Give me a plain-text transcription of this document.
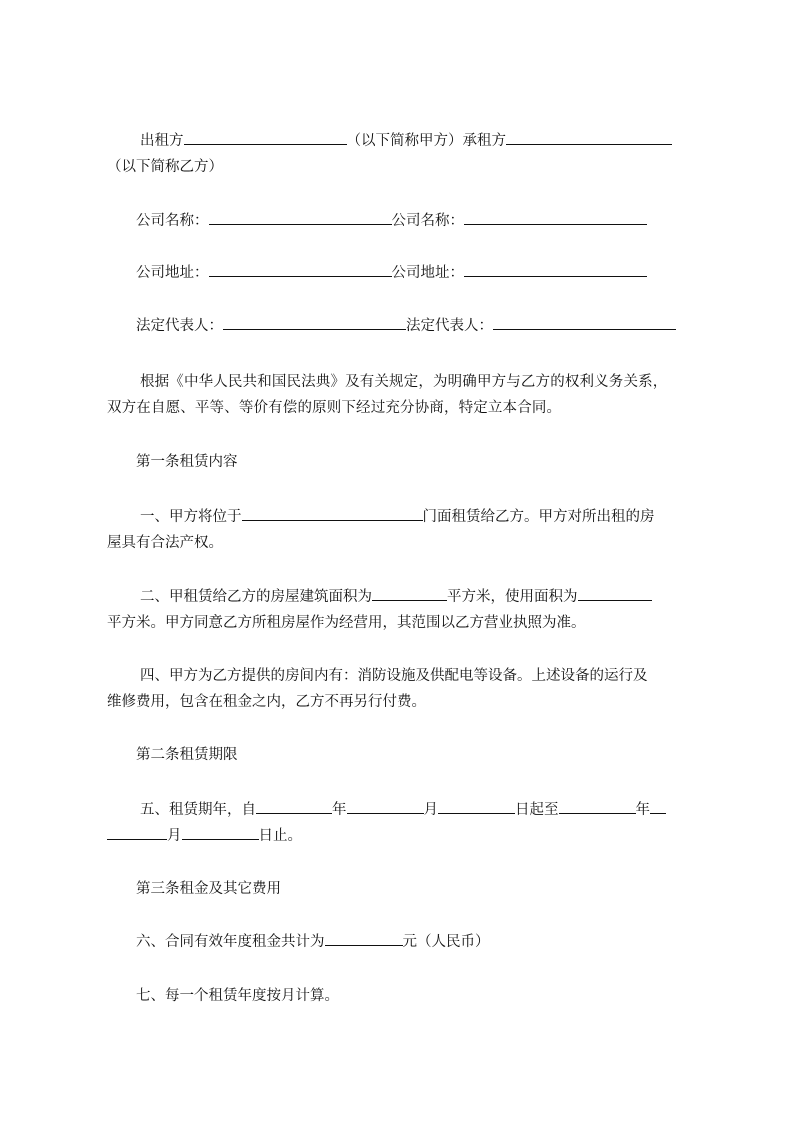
出租方	（以下简称甲方）承租方
（以下简称乙方）
公司名称：	公司名称：
公司地址：	公司地址：
法定代表人：	法定代表人：
根据《中华人民共和国民法典》及有关规定，为明确甲方与乙方的权利义务关系，
双方在自愿、平等、等价有偿的原则下经过充分协商，特定立本合同。
第一条租赁内容
一、甲方将位于	门面租赁给乙方。甲方对所出租的房
屋具有合法产权。
二、甲租赁给乙方的房屋建筑面积为	平方米，使用面积为
平方米。甲方同意乙方所租房屋作为经营用，其范围以乙方营业执照为准。
四、甲方为乙方提供的房间内有：消防设施及供配电等设备。上述设备的运行及
维修费用，包含在租金之内，乙方不再另行付费。
第二条租赁期限
五、租赁期年，自	年	月	日起至	年
月	日止。
第三条租金及其它费用
六、合同有效年度租金共计为	元（人民币）
七、每一个租赁年度按月计算。
